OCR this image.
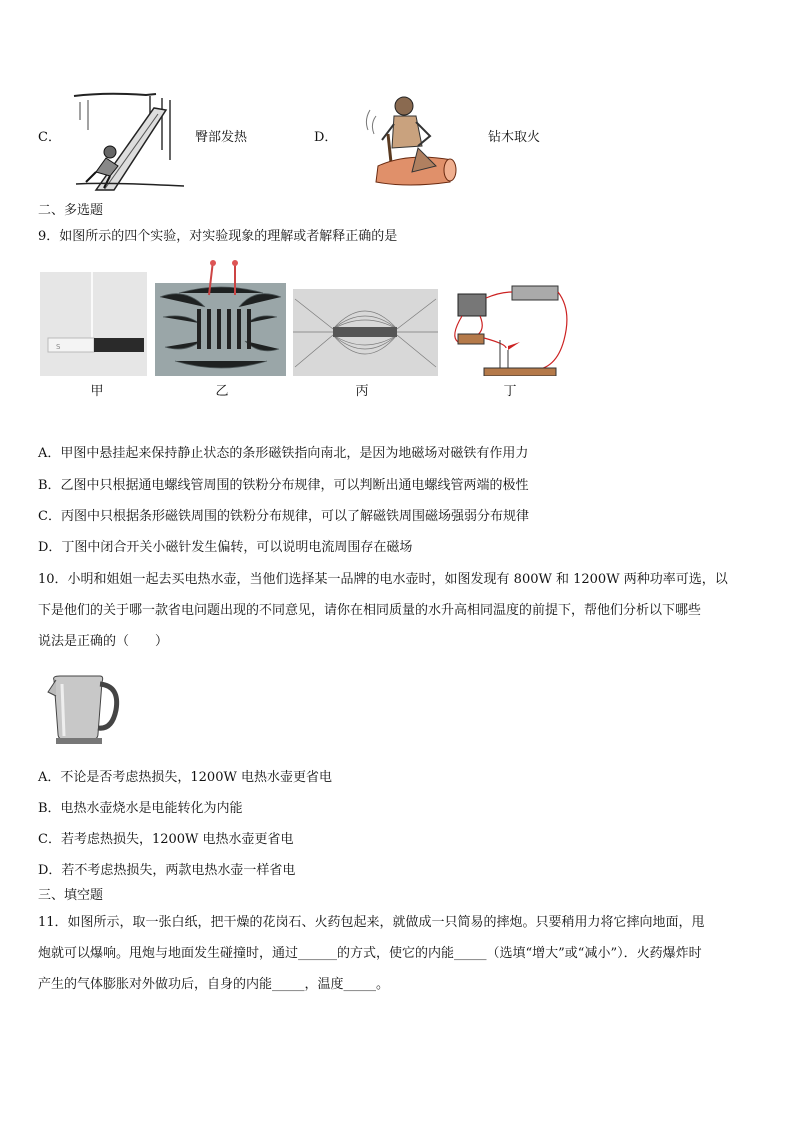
C．	臀部发热	D．	钻木取火
二、多选题
9．如图所示的四个实验，对实验现象的理解或者解释正确的是
S
甲	乙	丙	丁
A．甲图中悬挂起来保持静止状态的条形磁铁指向南北，是因为地磁场对磁铁有作用力
B．乙图中只根据通电螺线管周围的铁粉分布规律，可以判断出通电螺线管两端的极性
C．丙图中只根据条形磁铁周围的铁粉分布规律，可以了解磁铁周围磁场强弱分布规律
D．丁图中闭合开关小磁针发生偏转，可以说明电流周围存在磁场
10．小明和姐姐一起去买电热水壶，当他们选择某一品牌的电水壶时，如图发现有 800W 和 1200W 两种功率可选，以
下是他们的关于哪一款省电问题出现的不同意见，请你在相同质量的水升高相同温度的前提下，帮他们分析以下哪些
说法是正确的（　　）
A．不论是否考虑热损失，1200W 电热水壶更省电
B．电热水壶烧水是电能转化为内能
C．若考虑热损失，1200W 电热水壶更省电
D．若不考虑热损失，两款电热水壶一样省电
三、填空题
11．如图所示，取一张白纸，把干燥的花岗石、火药包起来，就做成一只简易的摔炮。只要稍用力将它摔向地面，甩
炮就可以爆响。甩炮与地面发生碰撞时，通过______的方式，使它的内能_____（选填“增大”或“减小”）．火药爆炸时
产生的气体膨胀对外做功后，自身的内能_____，温度_____。
